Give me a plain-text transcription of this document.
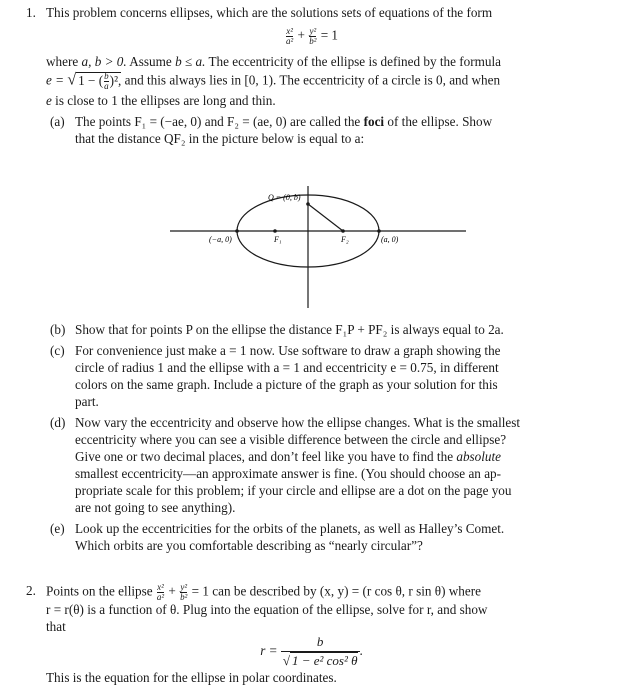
1. This problem concerns ellipses, which are the solutions sets of equations of the form
$\frac{\text{x²}}{\text{a²}} + \frac{\text{y²}}{\text{b²}} = 1$
where a, b > 0. Assume b ≤ a. The eccentricity of the ellipse is defined by the formula
e = √ 1 − ( $\frac{b}{a} )^2$, and this always lies in [0, 1). The eccentricity of a circle is 0, and when
e is close to 1 the ellipses are long and thin.
(a) The points F₁ = (−ae, 0) and F₂ = (ae, 0) are called the foci of the ellipse. Show
that the distance QF₂ in the picture below is equal to a:
Q = (0, b)
(−a, 0)	F₁	F₂	(a, 0)
(b) Show that for points P on the ellipse the distance F₁P + PF₂ is always equal to 2a.
(c) For convenience just make a = 1 now. Use software to draw a graph showing the
circle of radius 1 and the ellipse with a = 1 and eccentricity e = 0.75, in different
colors on the same graph. Include a picture of the graph as your solution for this
part.
(d) Now vary the eccentricity and observe how the ellipse changes. What is the smallest
eccentricity where you can see a visible difference between the circle and ellipse?
Give one or two decimal places, and don’t feel like you have to find the absolute
smallest eccentricity—an approximate answer is fine. (You should choose an ap-
propriate scale for this problem; if your circle and ellipse are a dot on the page you
are not going to see anything).
(e) Look up the eccentricities for the orbits of the planets, as well as Halley’s Comet.
Which orbits are you comfortable describing as “nearly circular”?
2. Points on the ellipse $\frac{\text{x²}}{\text{a²}} + \frac{\text{y²}}{\text{b²}} = 1$ can be described by (x, y) = (r cos θ, r sin θ) where
r = r(θ) is a function of θ. Plug into the equation of the ellipse, solve for r, and show
that
$r = \frac{b}{\text{√ 1 − e² cos² θ}}$ .
This is the equation for the ellipse in polar coordinates.
